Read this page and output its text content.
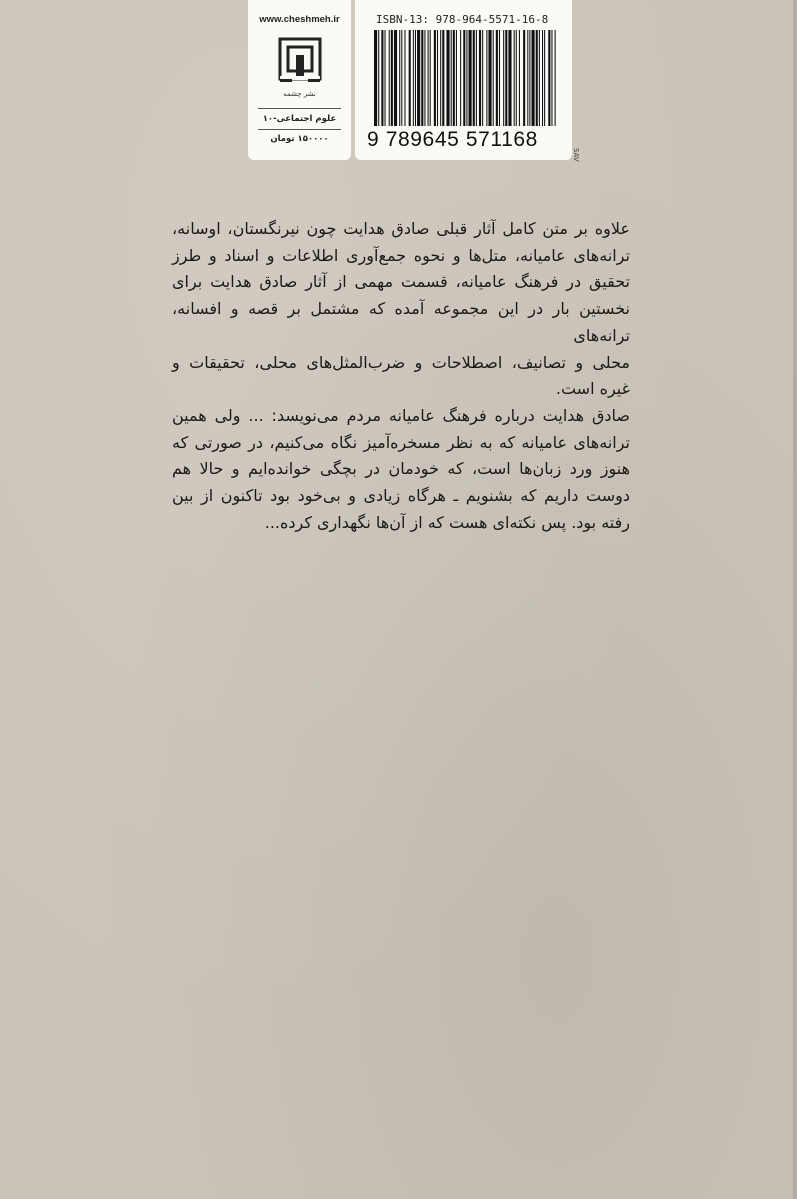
www.cheshmeh.ir
نشر چشمه
علوم اجتماعی-۱۰
۱۵۰۰۰۰ تومان
ISBN-13: 978-964-5571-16-8
9 789645 571168
SAV

علاوه بر متن کامل آثار قبلی صادق هدایت چون نیرنگستان، اوسانه،
ترانه‌های عامیانه، متل‌ها و نحوه جمع‌آوری اطلاعات و اسناد و طرز
تحقیق در فرهنگ عامیانه، قسمت مهمی از آثار صادق هدایت برای
نخستین بار در این مجموعه آمده که مشتمل بر قصه و افسانه، ترانه‌های
محلی و تصانیف، اصطلاحات و ضرب‌المثل‌های محلی، تحقیقات و
غیره است.

صادق هدایت درباره فرهنگ عامیانه مردم می‌نویسد: ... ولی همین
ترانه‌های عامیانه که به نظر مسخره‌آمیز نگاه می‌کنیم، در صورتی که
هنوز ورد زبان‌ها است، که خودمان در بچگی خوانده‌ایم و حالا هم
دوست داریم که بشنویم ـ هرگاه زیادی و بی‌خود بود تاکنون از بین
رفته بود. پس نکته‌ای هست که از آن‌ها نگهداری کرده...
